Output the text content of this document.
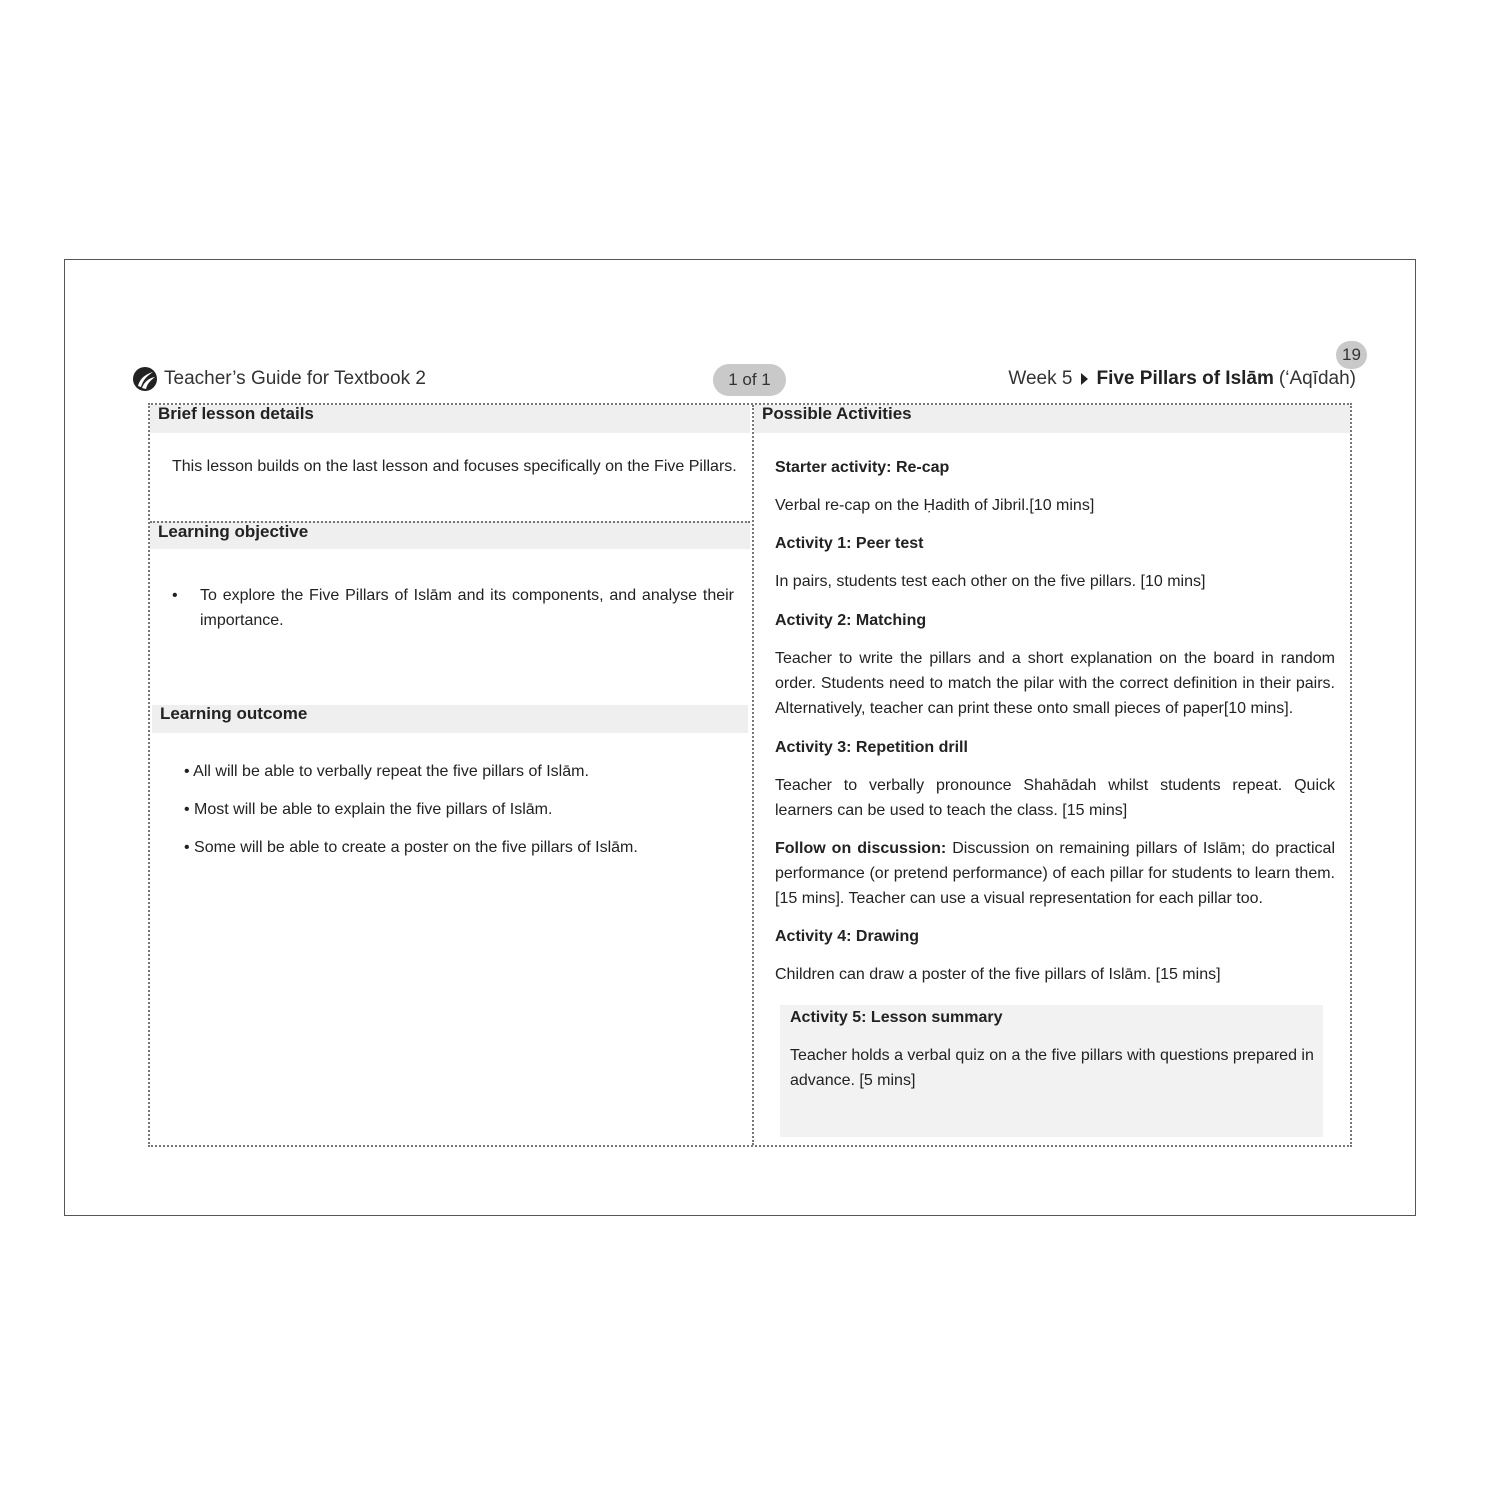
19
Teacher’s Guide for Textbook 2	1 of 1	Week 5 Five Pillars of Islām (‘Aqīdah)
Brief lesson details
This lesson builds on the last lesson and focuses specifically on the Five Pillars.
Learning objective
• To explore the Five Pillars of Islām and its components, and analyse their importance.
Learning outcome
• All will be able to verbally repeat the five pillars of Islām.
• Most will be able to explain the five pillars of Islām.
• Some will be able to create a poster on the five pillars of Islām.
Possible Activities
Starter activity: Re-cap
Verbal re-cap on the Ḥadith of Jibril.[10 mins]
Activity 1: Peer test
In pairs, students test each other on the five pillars. [10 mins]
Activity 2: Matching
Teacher to write the pillars and a short explanation on the board in random order. Students need to match the pilar with the correct definition in their pairs. Alternatively, teacher can print these onto small pieces of paper[10 mins].
Activity 3: Repetition drill
Teacher to verbally pronounce Shahādah whilst students repeat. Quick learners can be used to teach the class. [15 mins]
Follow on discussion: Discussion on remaining pillars of Islām; do practical performance (or pretend performance) of each pillar for students to learn them. [15 mins]. Teacher can use a visual representation for each pillar too.
Activity 4: Drawing
Children can draw a poster of the five pillars of Islām. [15 mins]
Activity 5: Lesson summary
Teacher holds a verbal quiz on a the five pillars with questions prepared in advance. [5 mins]
